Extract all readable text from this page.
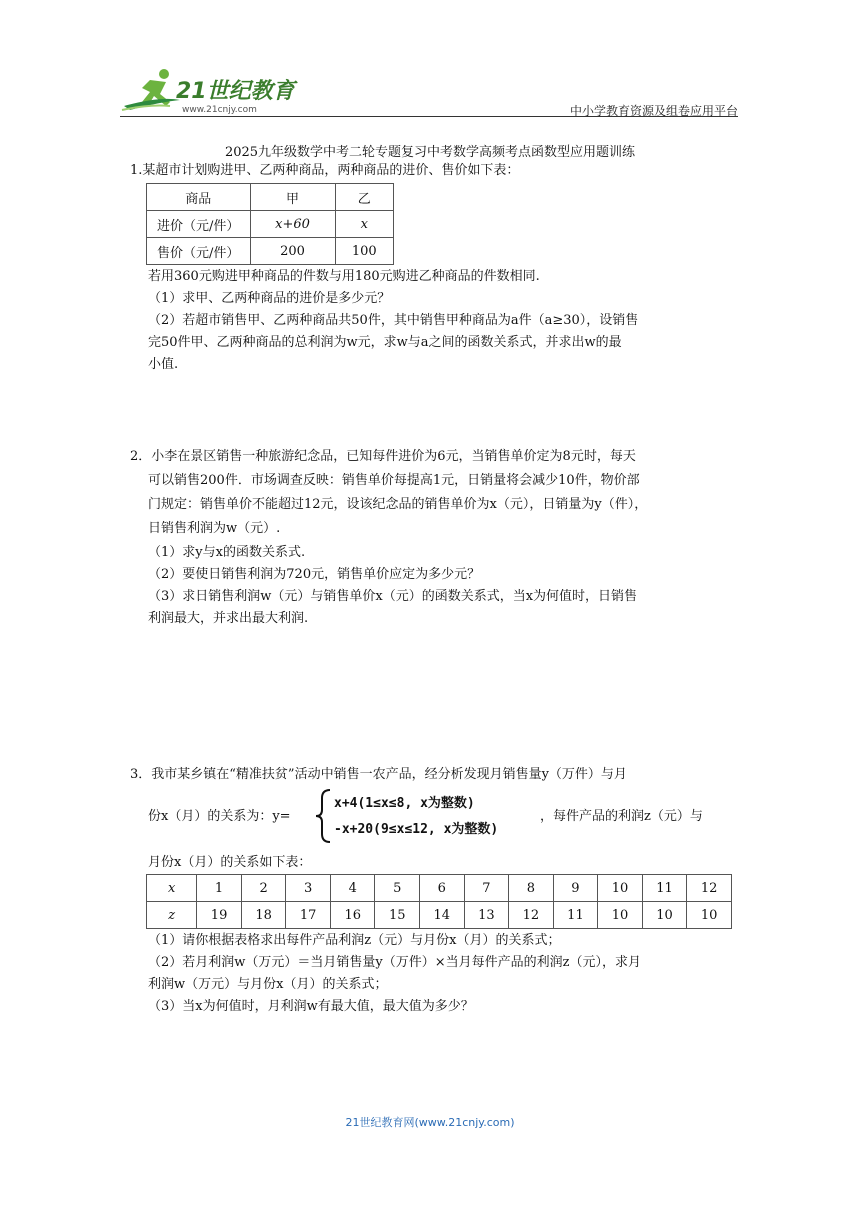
21世纪教育
www.21cnjy.com	中小学教育资源及组卷应用平台
2025九年级数学中考二轮专题复习中考数学高频考点函数型应用题训练
1.某超市计划购进甲、乙两种商品，两种商品的进价、售价如下表：
商品	甲	乙
进价（元/件）	x+60	x
售价（元/件）	200	100
若用360元购进甲种商品的件数与用180元购进乙种商品的件数相同.
（1）求甲、乙两种商品的进价是多少元？
（2）若超市销售甲、乙两种商品共50件，其中销售甲种商品为a件（a≥30），设销售
完50件甲、乙两种商品的总利润为w元，求w与a之间的函数关系式，并求出w的最
小值.
2．小李在景区销售一种旅游纪念品，已知每件进价为6元，当销售单价定为8元时，每天
可以销售200件．市场调查反映：销售单价每提高1元，日销量将会减少10件，物价部
门规定：销售单价不能超过12元，设该纪念品的销售单价为x（元），日销量为y（件），
日销售利润为w（元）.
（1）求y与x的函数关系式.
（2）要使日销售利润为720元，销售单价应定为多少元？
（3）求日销售利润w（元）与销售单价x（元）的函数关系式，当x为何值时，日销售
利润最大，并求出最大利润.
3．我市某乡镇在“精准扶贫”活动中销售一农产品，经分析发现月销售量y（万件）与月
份x（月）的关系为：y=
x+4(1≤x≤8, x为整数)
-x+20(9≤x≤12, x为整数)
，每件产品的利润z（元）与
月份x（月）的关系如下表：
x	1	2	3	4	5	6	7	8	9	10	11	12
z	19	18	17	16	15	14	13	12	11	10	10	10
（1）请你根据表格求出每件产品利润z（元）与月份x（月）的关系式；
（2）若月利润w（万元）＝当月销售量y（万件）×当月每件产品的利润z（元），求月
利润w（万元）与月份x（月）的关系式；
（3）当x为何值时，月利润w有最大值，最大值为多少？
21世纪教育网(www.21cnjy.com)
